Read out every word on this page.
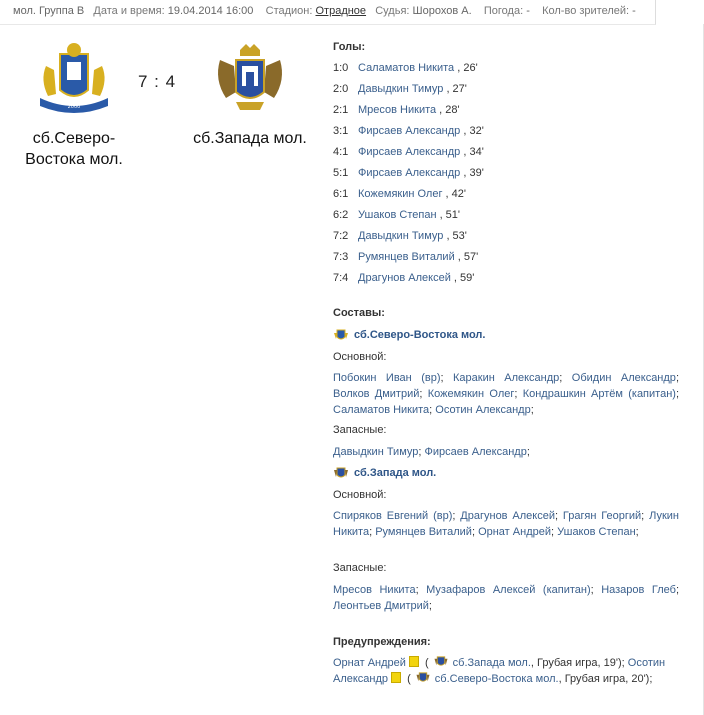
мол. Группа В Дата и время: 19.04.2014 16:00 Стадион: Отрадное Судья: Шорохов А. Погода: - Кол-во зрителей: -
2000
сб.Северо-
Востока мол.
7 : 4
сб.Запада мол.
Голы:
1:0 Саламатов Никита , 26'
2:0 Давыдкин Тимур , 27'
2:1 Мресов Никита , 28'
3:1 Фирсаев Александр , 32'
4:1 Фирсаев Александр , 34'
5:1 Фирсаев Александр , 39'
6:1 Кожемякин Олег , 42'
6:2 Ушаков Степан , 51'
7:2 Давыдкин Тимур , 53'
7:3 Румянцев Виталий , 57'
7:4 Драгунов Алексей , 59'
Составы:
сб.Северо-Востока мол.
Основной:
Побокин Иван (вр); Каракин Александр; Обидин Александр; Волков Дмитрий; Кожемякин Олег; Кондрашкин Артём (капитан); Саламатов Никита; Осотин Александр;
Запасные:
Давыдкин Тимур; Фирсаев Александр;
сб.Запада мол.
Основной:
Спиряков Евгений (вр); Драгунов Алексей; Грагян Георгий; Лукин Никита; Румянцев Виталий; Орнат Андрей; Ушаков Степан;
Запасные:
Мресов Никита; Музафаров Алексей (капитан); Назаров Глеб; Леонтьев Дмитрий;
Предупреждения:
Орнат Андрей ( сб.Запада мол., Грубая игра, 19'); Осотин Александр ( сб.Северо-Востока мол., Грубая игра, 20');
